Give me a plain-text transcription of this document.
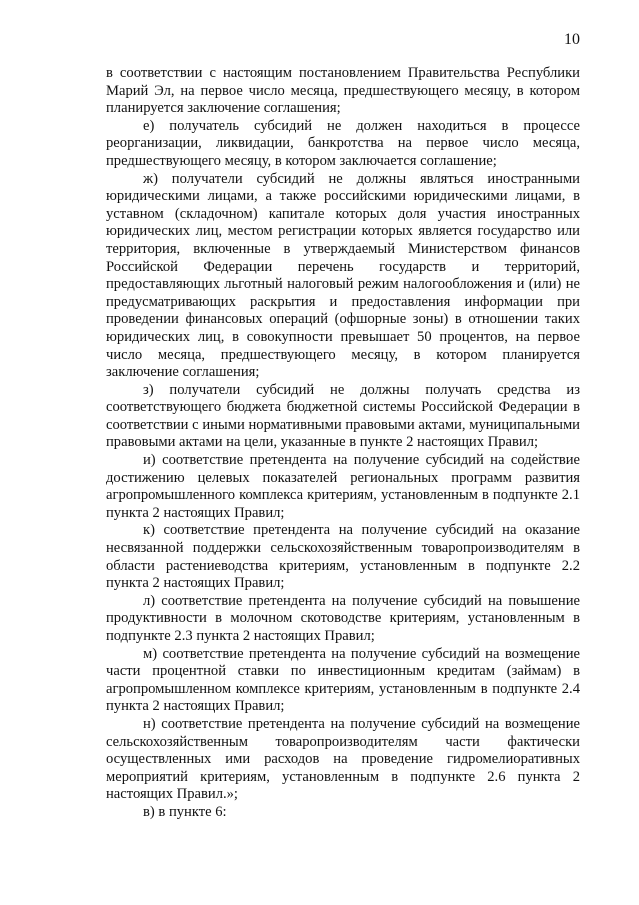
10

в соответствии с настоящим постановлением Правительства Республики Марий Эл, на первое число месяца, предшествующего месяцу, в котором планируется заключение соглашения;

е) получатель субсидий не должен находиться в процессе реорганизации, ликвидации, банкротства на первое число месяца, предшествующего месяцу, в котором заключается соглашение;

ж) получатели субсидий не должны являться иностранными юридическими лицами, а также российскими юридическими лицами, в уставном (складочном) капитале которых доля участия иностранных юридических лиц, местом регистрации которых является государство или территория, включенные в утверждаемый Министерством финансов Российской Федерации перечень государств и территорий, предоставляющих льготный налоговый режим налогообложения и (или) не предусматривающих раскрытия и предоставления информации при проведении финансовых операций (офшорные зоны) в отношении таких юридических лиц, в совокупности превышает 50 процентов, на первое число месяца, предшествующего месяцу, в котором планируется заключение соглашения;

з) получатели субсидий не должны получать средства из соответствующего бюджета бюджетной системы Российской Федерации в соответствии с иными нормативными правовыми актами, муниципальными правовыми актами на цели, указанные в пункте 2 настоящих Правил;

и) соответствие претендента на получение субсидий на содействие достижению целевых показателей региональных программ развития агропромышленного комплекса критериям, установленным в подпункте 2.1 пункта 2 настоящих Правил;

к) соответствие претендента на получение субсидий на оказание несвязанной поддержки сельскохозяйственным товаропроизводителям в области растениеводства критериям, установленным в подпункте 2.2 пункта 2 настоящих Правил;

л) соответствие претендента на получение субсидий на повышение продуктивности в молочном скотоводстве критериям, установленным в подпункте 2.3 пункта 2 настоящих Правил;

м) соответствие претендента на получение субсидий на возмещение части процентной ставки по инвестиционным кредитам (займам) в агропромышленном комплексе критериям, установленным в подпункте 2.4 пункта 2 настоящих Правил;

н) соответствие претендента на получение субсидий на возмещение сельскохозяйственным товаропроизводителям части фактически осуществленных ими расходов на проведение гидромелиоративных мероприятий критериям, установленным в подпункте 2.6 пункта 2 настоящих Правил.»;

в) в пункте 6:
